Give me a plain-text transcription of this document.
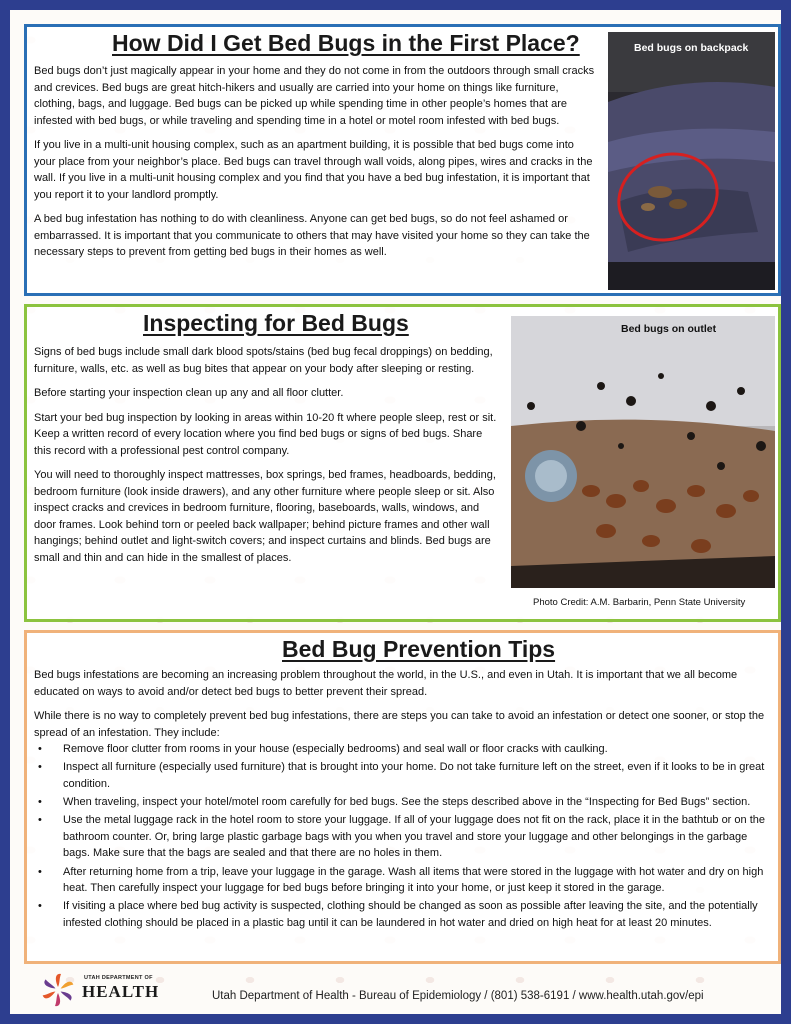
How Did I Get Bed Bugs in the First Place?

Bed bugs don’t just magically appear in your home and they do not come in from the outdoors through small cracks and crevices. Bed bugs are great hitch-hikers and usually are carried into your home on things like furniture, clothing, bags, and luggage. Bed bugs can be picked up while spending time in other people’s homes that are infested with bed bugs, or while traveling and spending time in a hotel or motel room infested with bed bugs.

If you live in a multi-unit housing complex, such as an apartment building, it is possible that bed bugs come into your place from your neighbor’s place. Bed bugs can travel through wall voids, along pipes, wires and cracks in the wall. If you live in a multi-unit housing complex and you find that you have a bed bug infestation, it is important that you report it to your landlord promptly.

A bed bug infestation has nothing to do with cleanliness. Anyone can get bed bugs, so do not feel ashamed or embarrassed. It is important that you communicate to others that may have visited your home so they can take the necessary steps to prevent from getting bed bugs in their homes as well.

Bed bugs on backpack
Inspecting for Bed Bugs

Signs of bed bugs include small dark blood spots/stains (bed bug fecal droppings) on bedding, furniture, walls, etc. as well as bug bites that appear on your body after sleeping or resting.

Before starting your inspection clean up any and all floor clutter.

Start your bed bug inspection by looking in areas within 10-20 ft where people sleep, rest or sit. Keep a written record of every location where you find bed bugs or signs of bed bugs. Share this record with a professional pest control company.

You will need to thoroughly inspect mattresses, box springs, bed frames, headboards, bedding, bedroom furniture (look inside drawers), and any other furniture where people sleep or sit. Also inspect cracks and crevices in bedroom furniture, flooring, baseboards, walls, windows, and door frames. Look behind torn or peeled back wallpaper; behind picture frames and other wall hangings; behind outlet and light-switch covers; and inspect curtains and blinds. Bed bugs are small and thin and can hide in the smallest of places.

Bed bugs on outlet
Photo Credit: A.M. Barbarin, Penn State University
Bed Bug Prevention Tips

Bed bugs infestations are becoming an increasing problem throughout the world, in the U.S., and even in Utah. It is important that we all become educated on ways to avoid and/or detect bed bugs to better prevent their spread.

While there is no way to completely prevent bed bug infestations, there are steps you can take to avoid an infestation or detect one sooner, or stop the spread of an infestation. They include:

• Remove floor clutter from rooms in your house (especially bedrooms) and seal wall or floor cracks with caulking.
• Inspect all furniture (especially used furniture) that is brought into your home. Do not take furniture left on the street, even if it looks to be in great condition.
• When traveling, inspect your hotel/motel room carefully for bed bugs. See the steps described above in the “Inspecting for Bed Bugs” section.
• Use the metal luggage rack in the hotel room to store your luggage. If all of your luggage does not fit on the rack, place it in the bathtub or on the bathroom counter. Or, bring large plastic garbage bags with you when you travel and store your luggage and other belongings in the garbage bags. Make sure that the bags are sealed and that there are no holes in them.
• After returning home from a trip, leave your luggage in the garage. Wash all items that were stored in the luggage with hot water and dry on high heat. Then carefully inspect your luggage for bed bugs before bringing it into your home, or just keep it stored in the garage.
• If visiting a place where bed bug activity is suspected, clothing should be changed as soon as possible after leaving the site, and the potentially infested clothing should be placed in a plastic bag until it can be laundered in hot water and dried on high heat for at least 20 minutes.
UTAH DEPARTMENT OF
HEALTH	Utah Department of Health - Bureau of Epidemiology / (801) 538-6191 / www.health.utah.gov/epi
